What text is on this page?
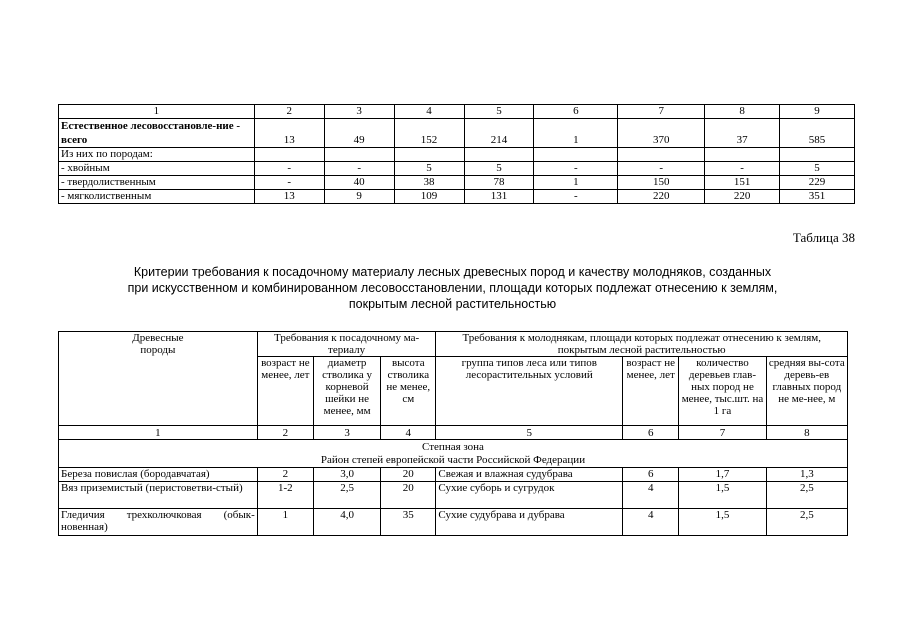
1	2	3	4	5	6	7	8	9
Естественное лесовосстановле-ние - всего	13	49	152	214	1	370	37	585
Из них по породам:								
- хвойным	-	-	5	5	-	-	-	5
- твердолиственным	-	40	38	78	1	150	151	229
- мягколиственным	13	9	109	131	-	220	220	351
Таблица 38
Критерии требования к посадочному материалу лесных древесных пород и качеству молодняков, созданных
при искусственном и комбинированном лесовосстановлении, площади которых подлежат отнесению к землям,
покрытым лесной растительностью
Древесные породы	Требования к посадочному ма-териалу			Требования к молоднякам, площади которых подлежат отнесению к землям, покрытым лесной растительностью			
	возраст не менее, лет	диаметр стволика у корневой шейки не менее, мм	высота стволика не менее, см	группа типов леса или типов лесорастительных условий	возраст не менее, лет	количество деревьев глав-ных пород не менее, тыс.шт. на 1 га	средняя вы-сота деревь-ев главных пород не ме-нее, м
1	2	3	4	5	6	7	8

Степная зона
Район степей европейской части Российской Федерации							

Береза повислая (бородавчатая)	2	3,0	20	Свежая и влажная судубрава	6	1,7	1,3
Вяз приземистый (перистоветви-стый)	1-2	2,5	20	Сухие суборь и сугрудок	4	1,5	2,5
Гледичия трехколючковая (обык-новенная)	1	4,0	35	Сухие судубрава и дубрава	4	1,5	2,5
